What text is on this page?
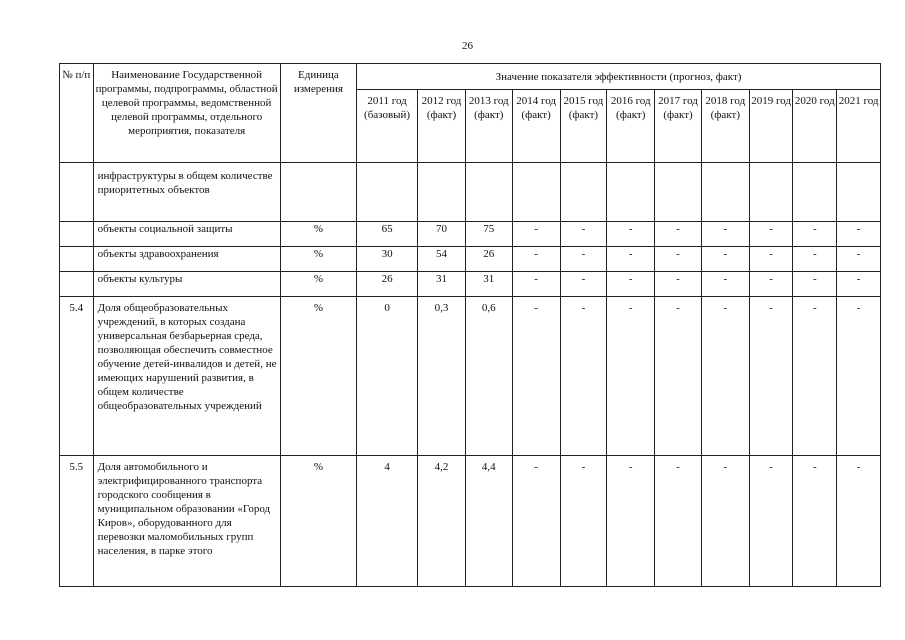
26
№ п/п	Наименование Государственной программы, подпрограммы, областной целевой программы, ведомственной целевой программы, отдельного мероприятия, показателя	Единица измерения	Значение показателя эффективности (прогноз, факт)										
			2011 год (базовый)	2012 год (факт)	2013 год (факт)	2014 год (факт)	2015 год (факт)	2016 год (факт)	2017 год (факт)	2018 год (факт)	2019 год	2020 год	2021 год
	инфраструктуры в общем количестве приоритетных объектов												
	объекты социальной защиты	%	65	70	75	-	-	-	-	-	-	-	-
	объекты здравоохранения	%	30	54	26	-	-	-	-	-	-	-	-
	объекты культуры	%	26	31	31	-	-	-	-	-	-	-	-
5.4	Доля общеобразовательных учреждений, в которых создана универсальная безбарьерная среда, позволяющая обеспечить совместное обучение детей-инвалидов и детей, не имеющих нарушений развития, в общем количестве общеобразовательных учреждений	%	0	0,3	0,6	-	-	-	-	-	-	-	-
5.5	Доля автомобильного и электрифицированного транспорта городского сообщения в муниципальном образовании «Город Киров», оборудованного для перевозки маломобильных групп населения, в парке этого	%	4	4,2	4,4	-	-	-	-	-	-	-	-
